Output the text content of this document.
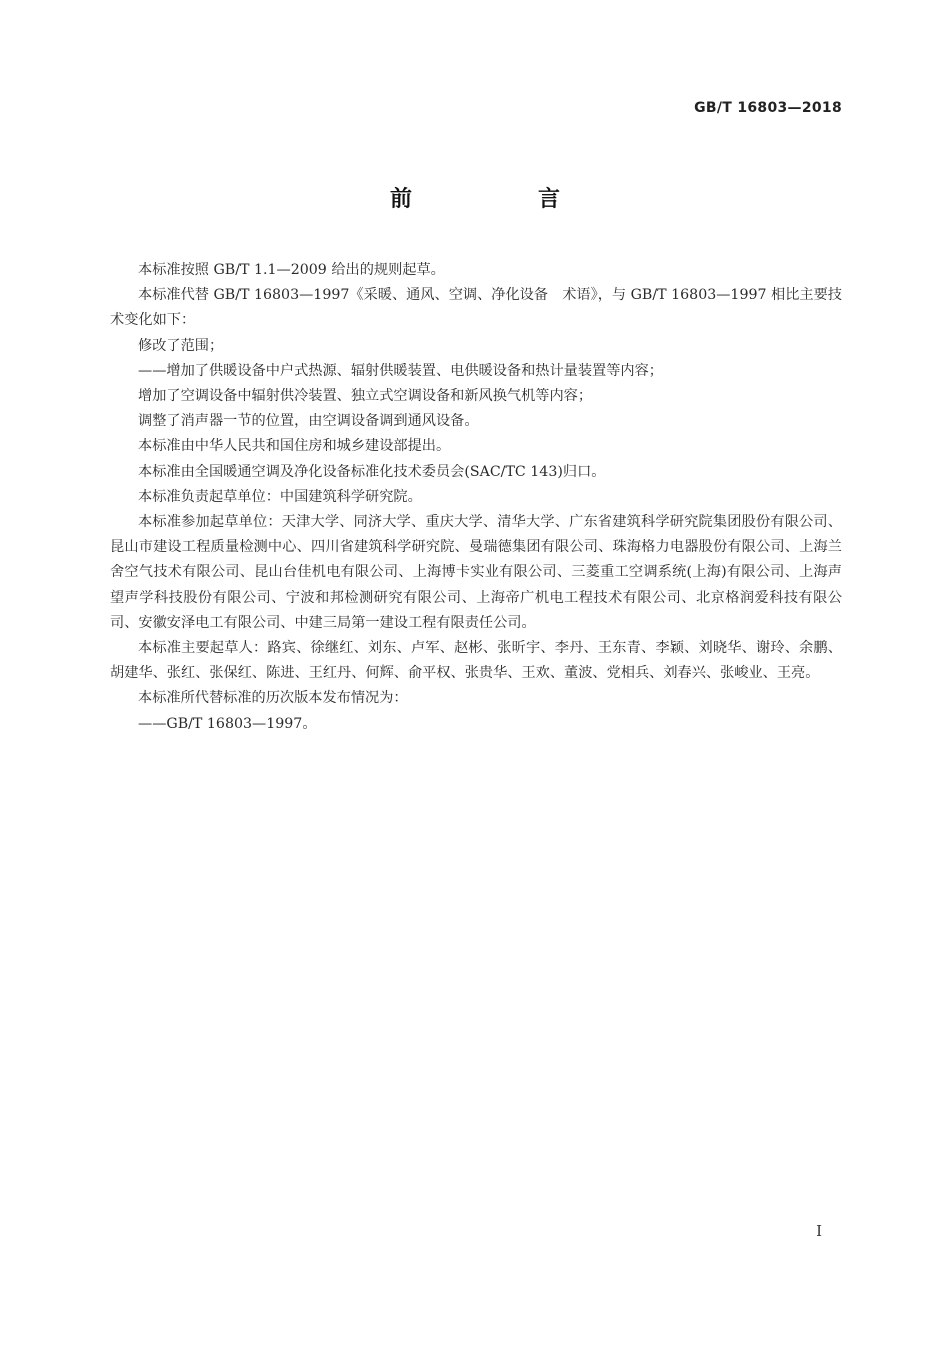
GB/T 16803—2018
前　言

本标准按照 GB/T 1.1—2009 给出的规则起草。

本标准代替 GB/T 16803—1997《采暖、通风、空调、净化设备　术语》，与 GB/T 16803—1997 相比主要技术变化如下：

修改了范围；

——增加了供暖设备中户式热源、辐射供暖装置、电供暖设备和热计量装置等内容；

增加了空调设备中辐射供冷装置、独立式空调设备和新风换气机等内容；

调整了消声器一节的位置，由空调设备调到通风设备。

本标准由中华人民共和国住房和城乡建设部提出。

本标准由全国暖通空调及净化设备标准化技术委员会(SAC/TC 143)归口。

本标准负责起草单位：中国建筑科学研究院。

本标准参加起草单位：天津大学、同济大学、重庆大学、清华大学、广东省建筑科学研究院集团股份有限公司、昆山市建设工程质量检测中心、四川省建筑科学研究院、曼瑞德集团有限公司、珠海格力电器股份有限公司、上海兰舍空气技术有限公司、昆山台佳机电有限公司、上海博卡实业有限公司、三菱重工空调系统(上海)有限公司、上海声望声学科技股份有限公司、宁波和邦检测研究有限公司、上海帝广机电工程技术有限公司、北京格润爱科技有限公司、安徽安泽电工有限公司、中建三局第一建设工程有限责任公司。

本标准主要起草人：路宾、徐继红、刘东、卢军、赵彬、张昕宇、李丹、王东青、李颖、刘晓华、谢玲、余鹏、胡建华、张红、张保红、陈进、王红丹、何辉、俞平权、张贵华、王欢、董波、党相兵、刘春兴、张峻业、王亮。

本标准所代替标准的历次版本发布情况为：

——GB/T 16803—1997。

I
